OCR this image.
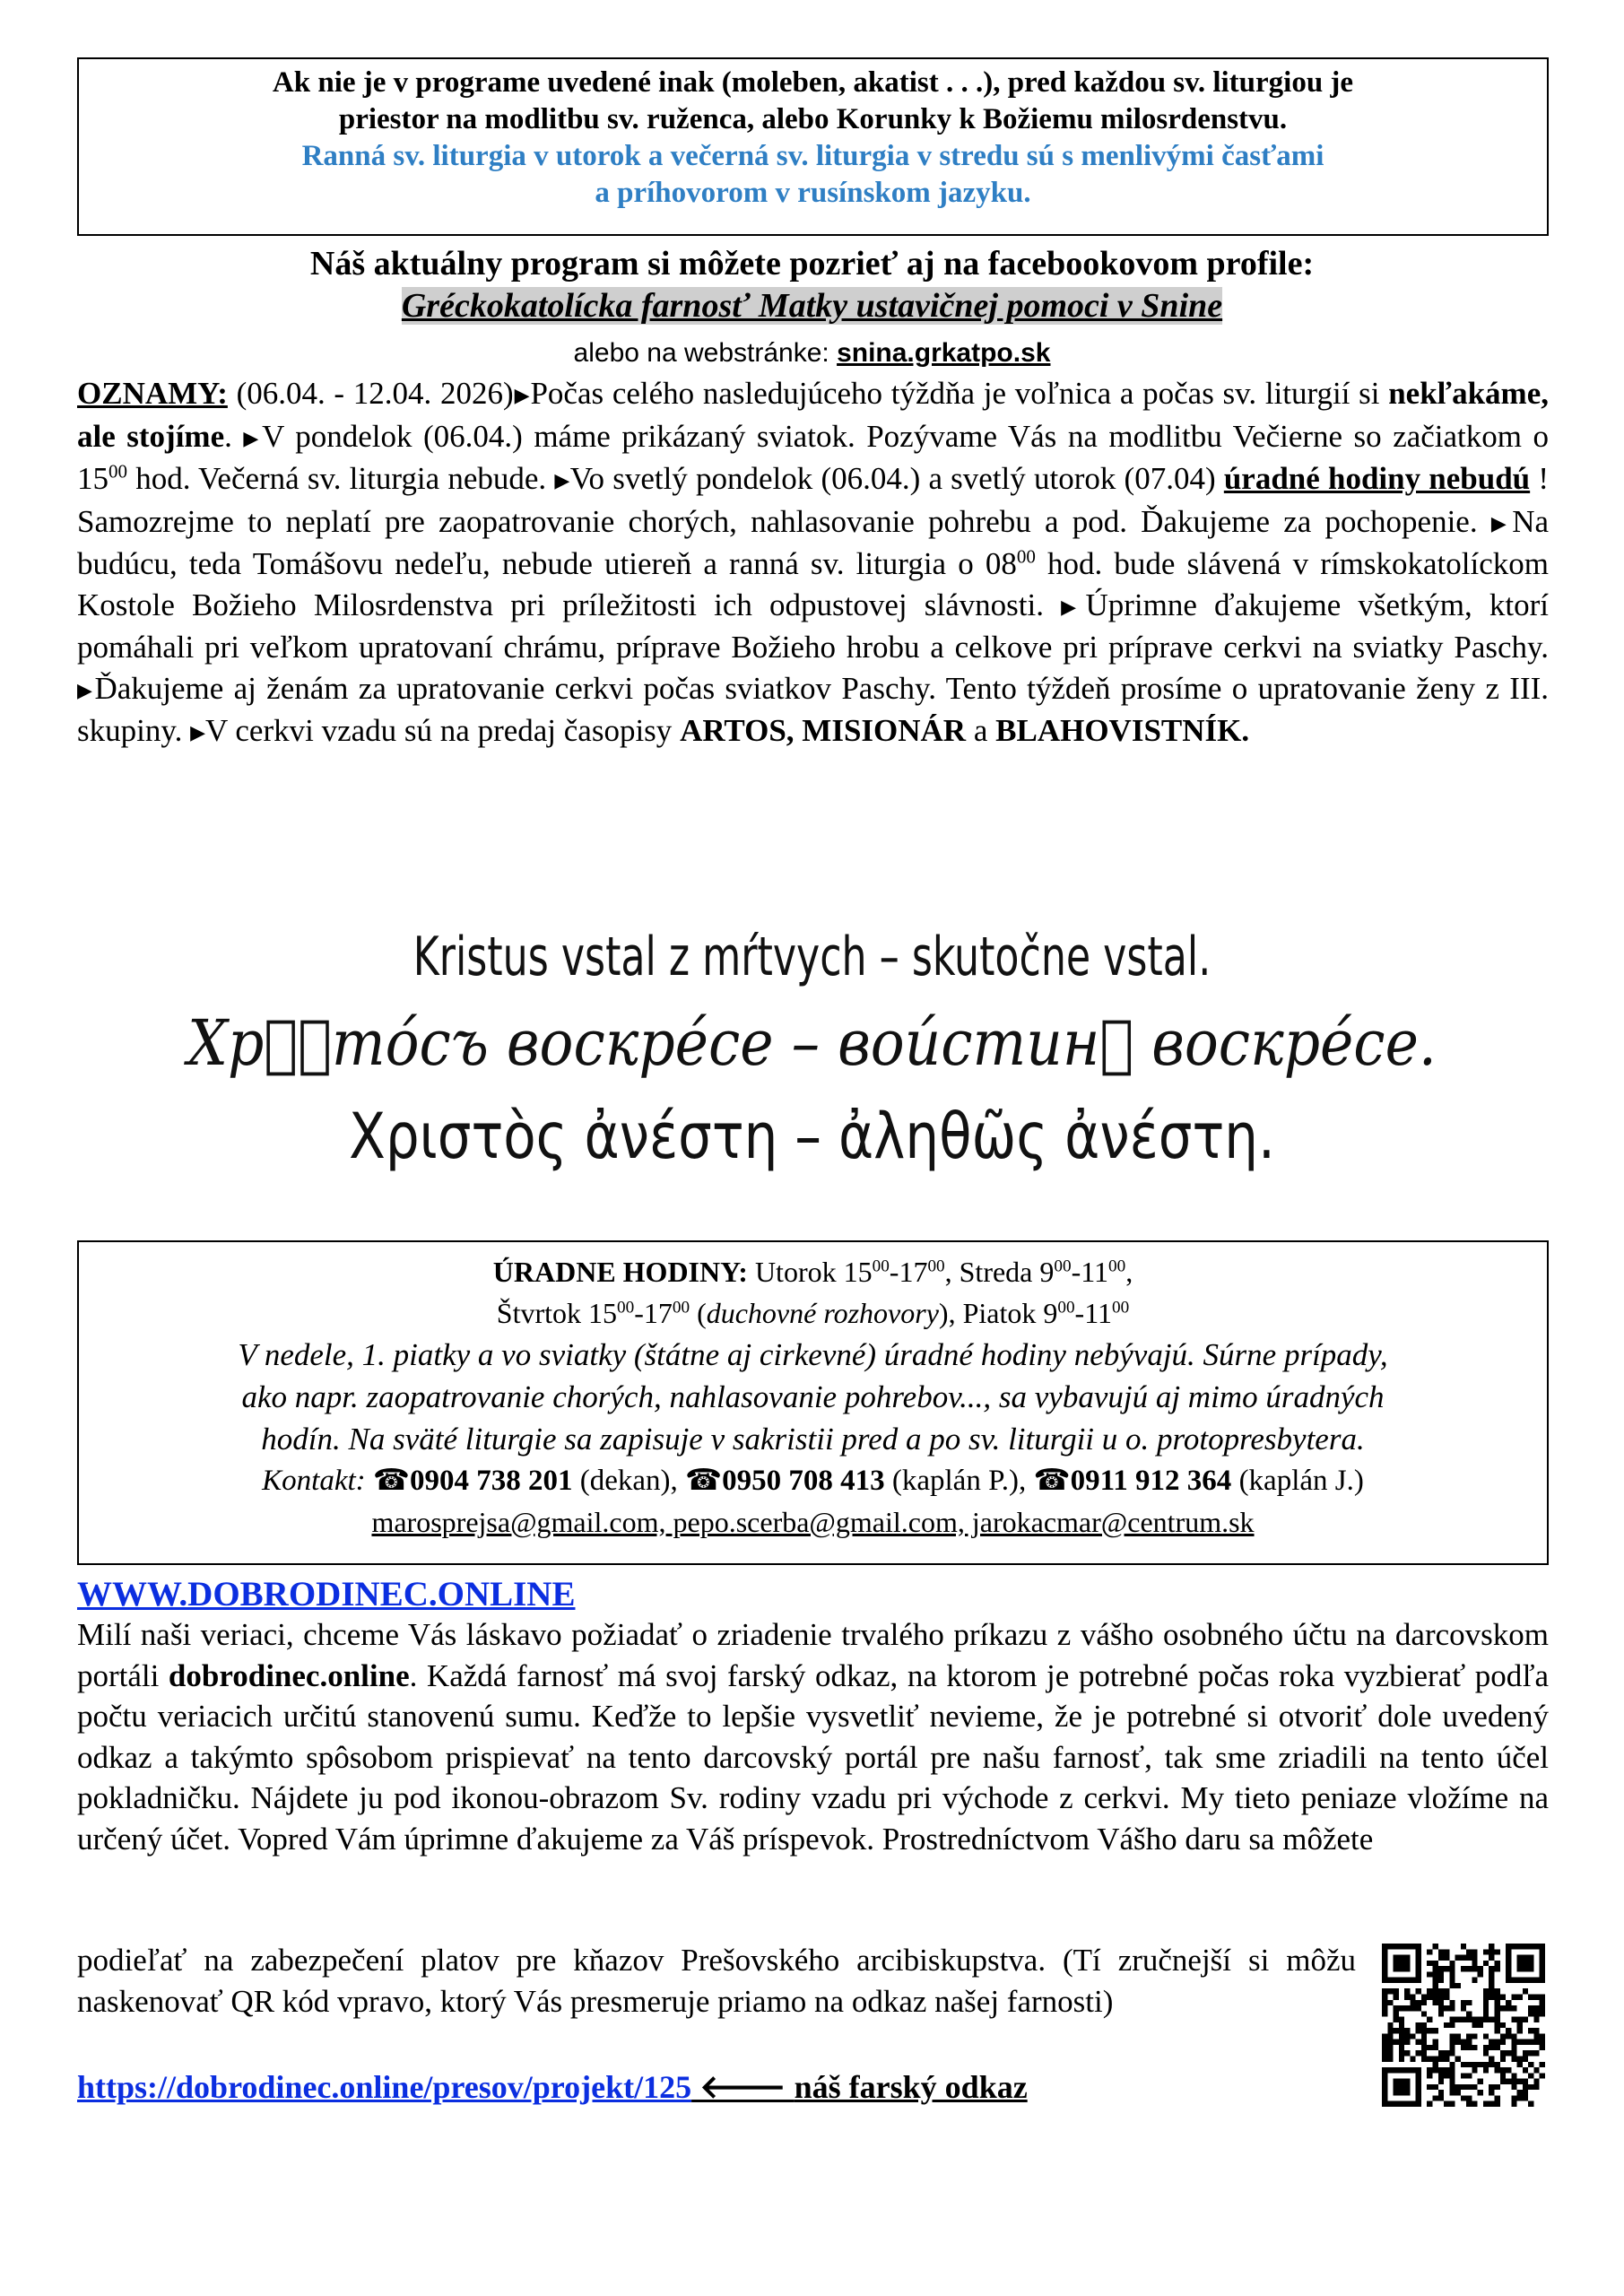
Ak nie je v programe uvedené inak (moleben, akatist . . .), pred každou sv. liturgiou je
priestor na modlitbu sv. ruženca, alebo Korunky k Božiemu milosrdenstvu.
Ranná sv. liturgia v utorok a večerná sv. liturgia v stredu sú s menlivými časťami
a príhovorom v rusínskom jazyku.
Náš aktuálny program si môžete pozrieť aj na facebookovom profile:
Gréckokatolícka farnosť Matky ustavičnej pomoci v Snine
alebo na webstránke: snina.grkatpo.sk

OZNAMY: (06.04. - 12.04. 2026)▶Počas celého nasledujúceho týždňa je voľnica a počas sv. liturgií si nekľakáme, ale stojíme. ▶V pondelok (06.04.) máme prikázaný sviatok. Pozývame Vás na modlitbu Večierne so začiatkom o $15^{00}$ hod. Večerná sv. liturgia nebude. ▶Vo svetlý pondelok (06.04.) a svetlý utorok (07.04) úradné hodiny nebudú ! Samozrejme to neplatí pre zaopatrovanie chorých, nahlasovanie pohrebu a pod. Ďakujeme za pochopenie. ▶Na budúcu, teda Tomášovu nedeľu, nebude utiereň a ranná sv. liturgia o $08^{00}$ hod. bude slávená v rímskokatolíckom Kostole Božieho Milosrdenstva pri príležitosti ich odpustovej slávnosti. ▶Úprimne ďakujeme všetkým, ktorí pomáhali pri veľkom upratovaní chrámu, príprave Božieho hrobu a celkove pri príprave cerkvi na sviatky Paschy. ▶Ďakujeme aj ženám za upratovanie cerkvi počas sviatkov Paschy. Tento týždeň prosíme o upratovanie ženy z III. skupiny. ▶V cerkvi vzadu sú na predaj časopisy ARTOS, MISIONÁR a BLAHOVISTNÍK.

Kristus vstal z mŕtvych – skutočne vstal.
Хрⷭ҇то́съ воскре́се – вои́стинꙋ воскре́се.
Χριστὸς ἀνέστη – ἀληθῶς ἀνέστη.
ÚRADNE HODINY: Utorok $15^{00}-17^{00}$, Streda $9^{00}-11^{00}$,
Štvrtok $15^{00}-17^{00}$ (duchovné rozhovory), Piatok $9^{00}-11^{00}$
V nedele, 1. piatky a vo sviatky (štátne aj cirkevné) úradné hodiny nebývajú. Súrne prípady,
ako napr. zaopatrovanie chorých, nahlasovanie pohrebov..., sa vybavujú aj mimo úradných
hodín. Na sväté liturgie sa zapisuje v sakristii pred a po sv. liturgii u o. protopresbytera.
Kontakt: ☎0904 738 201 (dekan), ☎0950 708 413 (kaplán P.), ☎0911 912 364 (kaplán J.)
marosprejsa@gmail.com, pepo.scerba@gmail.com, jarokacmar@centrum.sk
WWW.DOBRODINEC.ONLINE
Milí naši veriaci, chceme Vás láskavo požiadať o zriadenie trvalého príkazu z vášho osobného účtu na darcovskom portáli dobrodinec.online. Každá farnosť má svoj farský odkaz, na ktorom je potrebné počas roka vyzbierať podľa počtu veriacich určitú stanovenú sumu. Keďže to lepšie vysvetliť nevieme, že je potrebné si otvoriť dole uvedený odkaz a takýmto spôsobom prispievať na tento darcovský portál pre našu farnosť, tak sme zriadili na tento účel pokladničku. Nájdete ju pod ikonou-obrazom Sv. rodiny vzadu pri východe z cerkvi. My tieto peniaze vložíme na určený účet. Vopred Vám úprimne ďakujeme za Váš príspevok. Prostredníctvom Vášho daru sa môžete
podieľať na zabezpečení platov pre kňazov Prešovského arcibiskupstva. (Tí zručnejší si môžu naskenovať QR kód vpravo, ktorý Vás presmeruje priamo na odkaz našej farnosti)
https://dobrodinec.online/presov/projekt/125 🡐 náš farský odkaz
